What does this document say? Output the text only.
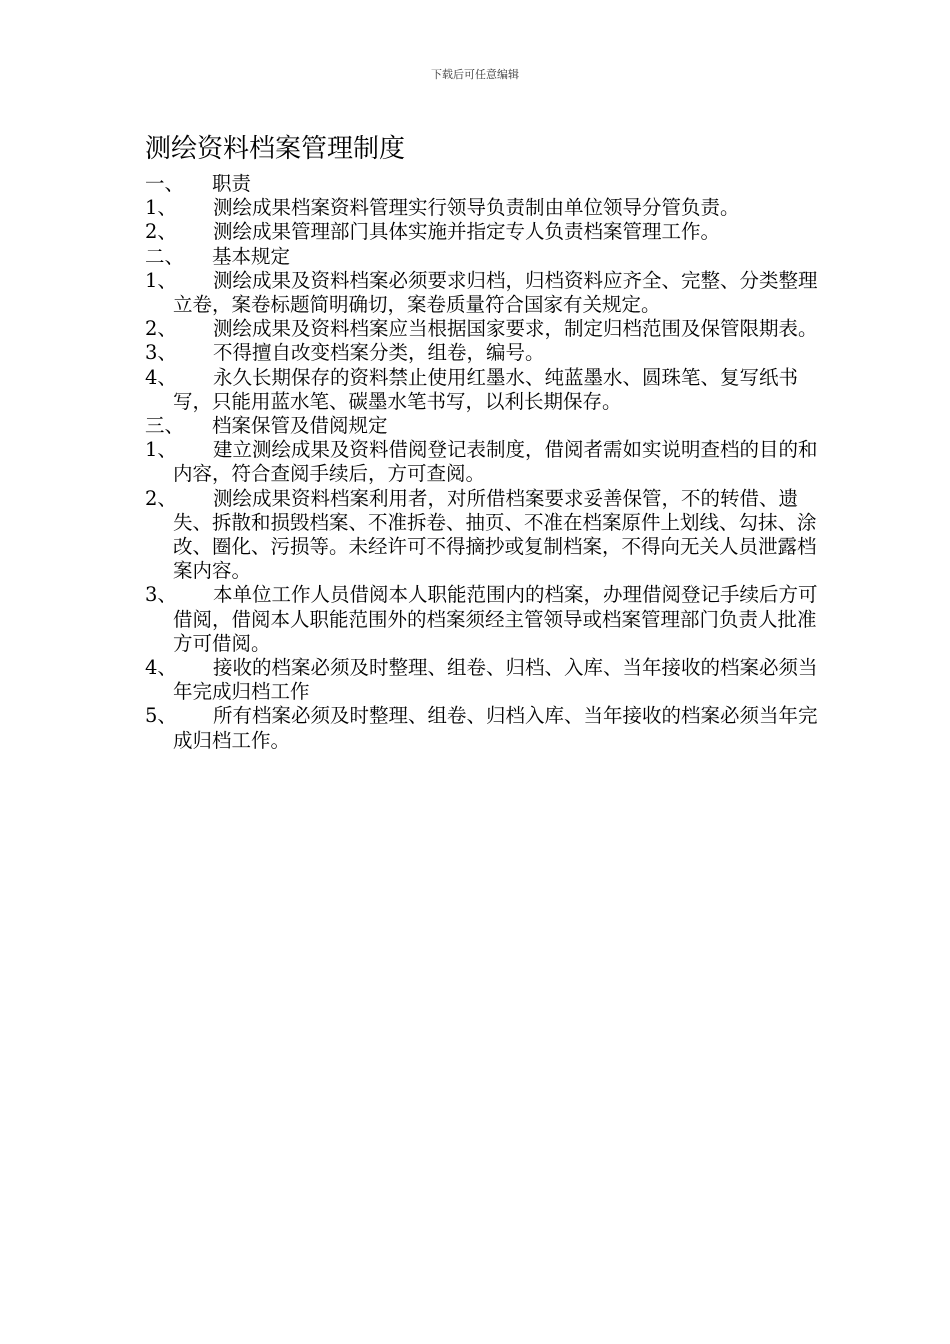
下载后可任意编辑
测绘资料档案管理制度
一、	职责
1、	测绘成果档案资料管理实行领导负责制由单位领导分管负责。
2、	测绘成果管理部门具体实施并指定专人负责档案管理工作。
二、	基本规定
1、	测绘成果及资料档案必须要求归档，归档资料应齐全、完整、分类整理立卷，案卷标题简明确切，案卷质量符合国家有关规定。
2、	测绘成果及资料档案应当根据国家要求，制定归档范围及保管限期表。
3、	不得擅自改变档案分类，组卷，编号。
4、	永久长期保存的资料禁止使用红墨水、纯蓝墨水、圆珠笔、复写纸书写，只能用蓝水笔、碳墨水笔书写，以利长期保存。
三、	档案保管及借阅规定
1、	建立测绘成果及资料借阅登记表制度，借阅者需如实说明查档的目的和内容，符合查阅手续后，方可查阅。
2、	测绘成果资料档案利用者，对所借档案要求妥善保管，不的转借、遗失、拆散和损毁档案、不准拆卷、抽页、不准在档案原件上划线、勾抹、涂改、圈化、污损等。未经许可不得摘抄或复制档案，不得向无关人员泄露档案内容。
3、	本单位工作人员借阅本人职能范围内的档案，办理借阅登记手续后方可借阅，借阅本人职能范围外的档案须经主管领导或档案管理部门负责人批准方可借阅。
4、	接收的档案必须及时整理、组卷、归档、入库、当年接收的档案必须当年完成归档工作
5、	所有档案必须及时整理、组卷、归档入库、当年接收的档案必须当年完成归档工作。
